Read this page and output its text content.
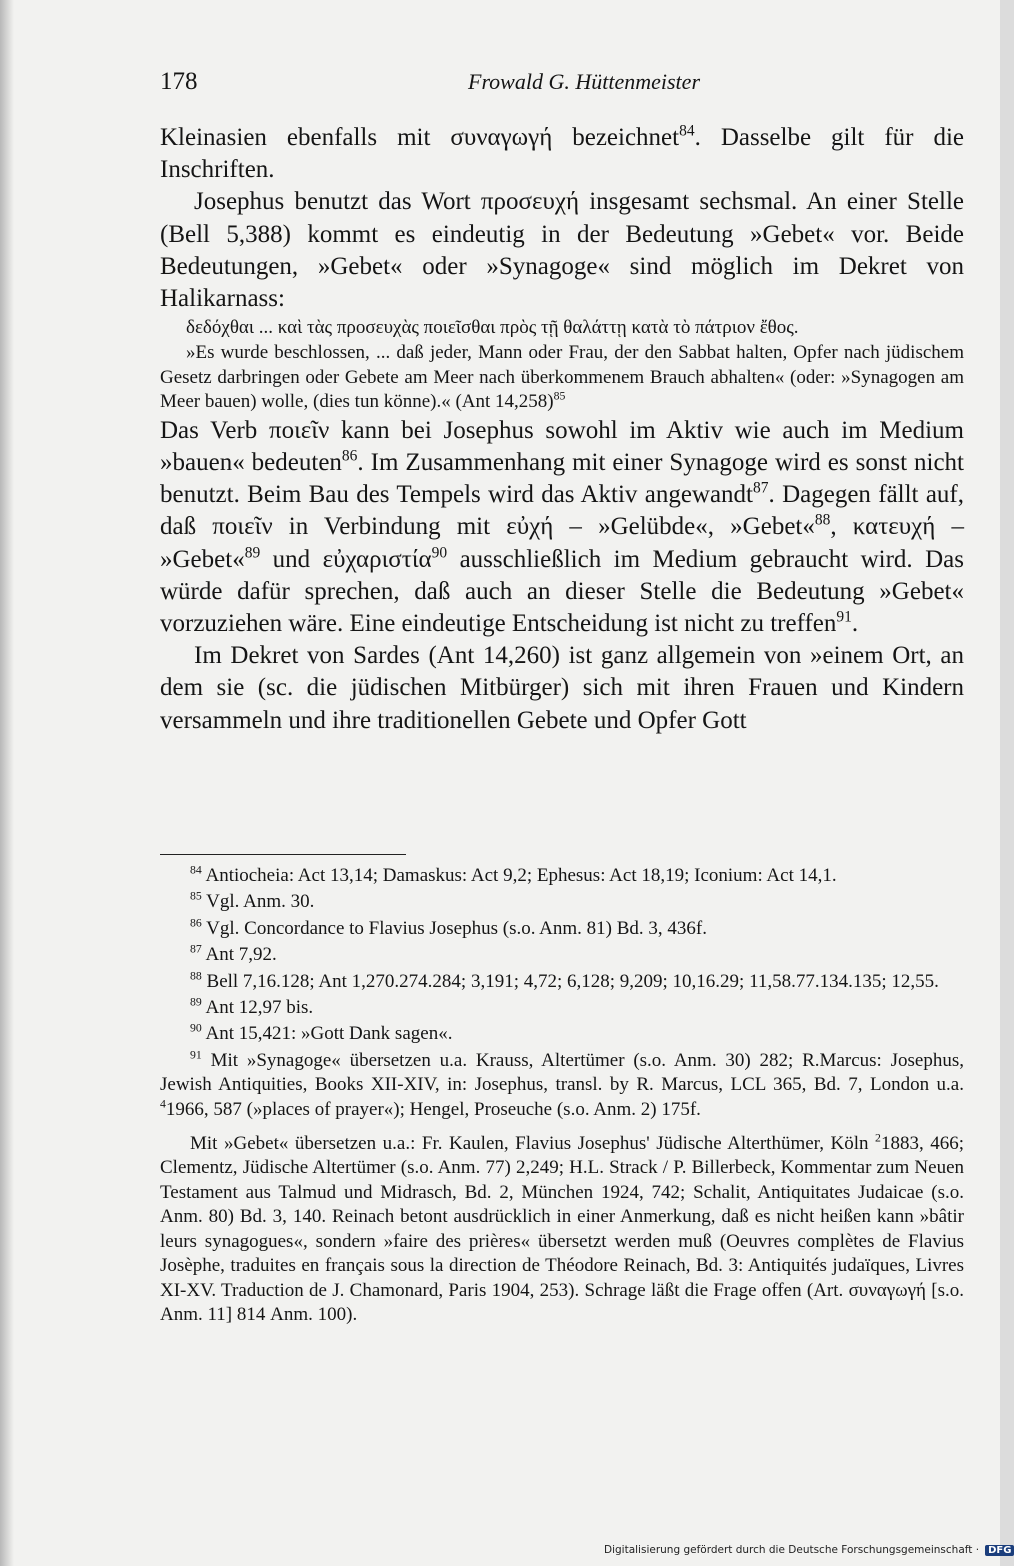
178	Frowald G. Hüttenmeister

Kleinasien ebenfalls mit συναγωγή bezeichnet$^{84}$. Dasselbe gilt für die Inschriften.

Josephus benutzt das Wort προσευχή insgesamt sechsmal. An einer Stelle (Bell 5,388) kommt es eindeutig in der Bedeutung »Gebet« vor. Beide Bedeutungen, »Gebet« oder »Synagoge« sind möglich im Dekret von Halikarnass:

δεδόχθαι ... καὶ τὰς προσευχὰς ποιεῖσθαι πρὸς τῇ θαλάττῃ κατὰ τὸ πάτριον ἔθος.

»Es wurde beschlossen, ... daß jeder, Mann oder Frau, der den Sabbat halten, Opfer nach jüdischem Gesetz darbringen oder Gebete am Meer nach überkommenem Brauch abhalten« (oder: »Synagogen am Meer bauen) wolle, (dies tun könne).« (Ant 14,258)$^{85}$

Das Verb ποιεῖν kann bei Josephus sowohl im Aktiv wie auch im Medium »bauen« bedeuten$^{86}$. Im Zusammenhang mit einer Synagoge wird es sonst nicht benutzt. Beim Bau des Tempels wird das Aktiv angewandt$^{87}$. Dagegen fällt auf, daß ποιεῖν in Verbindung mit εὐχή – »Gelübde«, »Gebet«$^{88}$, κατευχή – »Gebet«$^{89}$ und εὐχαριστία$^{90}$ ausschließlich im Medium gebraucht wird. Das würde dafür sprechen, daß auch an dieser Stelle die Bedeutung »Gebet« vorzuziehen wäre. Eine eindeutige Entscheidung ist nicht zu treffen$^{91}$.

Im Dekret von Sardes (Ant 14,260) ist ganz allgemein von »einem Ort, an dem sie (sc. die jüdischen Mitbürger) sich mit ihren Frauen und Kindern versammeln und ihre traditionellen Gebete und Opfer Gott

$^{84}$ Antiocheia: Act 13,14; Damaskus: Act 9,2; Ephesus: Act 18,19; Iconium: Act 14,1.

$^{85}$ Vgl. Anm. 30.

$^{86}$ Vgl. Concordance to Flavius Josephus (s.o. Anm. 81) Bd. 3, 436f.

$^{87}$ Ant 7,92.

$^{88}$ Bell 7,16.128; Ant 1,270.274.284; 3,191; 4,72; 6,128; 9,209; 10,16.29; 11,58.77.134.135; 12,55.

$^{89}$ Ant 12,97 bis.

$^{90}$ Ant 15,421: »Gott Dank sagen«.

$^{91}$ Mit »Synagoge« übersetzen u.a. Krauss, Altertümer (s.o. Anm. 30) 282; R.Marcus: Josephus, Jewish Antiquities, Books XII-XIV, in: Josephus, transl. by R. Marcus, LCL 365, Bd. 7, London u.a. $^4$1966, 587 (»places of prayer«); Hengel, Proseuche (s.o. Anm. 2) 175f.

Mit »Gebet« übersetzen u.a.: Fr. Kaulen, Flavius Josephus' Jüdische Alterthümer, Köln $^2$1883, 466; Clementz, Jüdische Altertümer (s.o. Anm. 77) 2,249; H.L. Strack / P. Billerbeck, Kommentar zum Neuen Testament aus Talmud und Midrasch, Bd. 2, München 1924, 742; Schalit, Antiquitates Judaicae (s.o. Anm. 80) Bd. 3, 140. Reinach betont ausdrücklich in einer Anmerkung, daß es nicht heißen kann »bâtir leurs synagogues«, sondern »faire des prières« übersetzt werden muß (Oeuvres complètes de Flavius Josèphe, traduites en français sous la direction de Théodore Reinach, Bd. 3: Antiquités judaïques, Livres XI-XV. Traduction de J. Chamonard, Paris 1904, 253). Schrage läßt die Frage offen (Art. συναγωγή [s.o. Anm. 11] 814 Anm. 100).

Digitalisierung gefördert durch die Deutsche Forschungsgemeinschaft · DFG
